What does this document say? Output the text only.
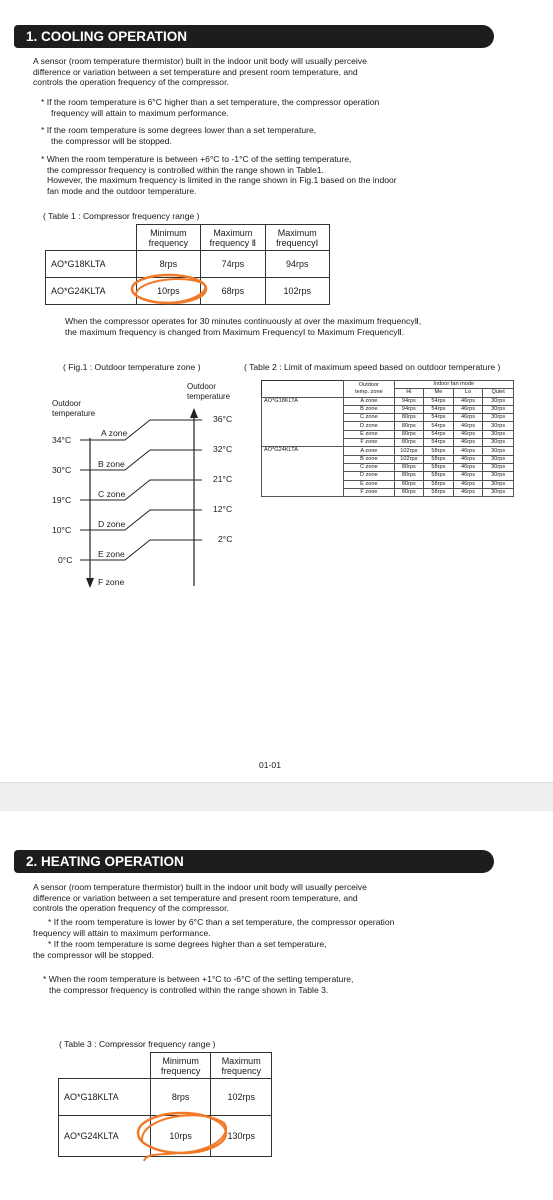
1. COOLING OPERATION
A sensor (room temperature thermistor) built in the indoor unit body will usually perceive
difference or variation between a set temperature and present room temperature, and
controls the operation frequency of the compressor.
* If the room temperature is 6°C higher than a set temperature, the compressor operation
frequency will attain to maximum performance.
* If the room temperature is some degrees lower than a set temperature,
the compressor will be stopped.
* When the room temperature is between +6°C to -1°C of the setting temperature,
the compressor frequency is controlled within the range shown in Table1.
However, the maximum frequency is limited in the range shown in Fig.1 based on the indoor
fan mode and the outdoor temperature.
( Table 1 : Compressor frequency range )
	Minimum frequency	Maximum frequency Ⅱ	Maximum frequencyⅠ
AO*G18KLTA	8rps	74rps	94rps
AO*G24KLTA	10rps	68rps	102rps
When the compressor operates for 30 minutes continuously at over the maximum frequencyⅡ,
the maximum frequency is changed from Maximum FrequencyⅠ to Maximum FrequencyⅡ.
( Fig.1 : Outdoor temperature zone )	( Table 2 : Limit of maximum speed based on outdoor temperature )
Outdoor
temperature
Outdoor
temperature
34°C
30°C
19°C
10°C
0°C
A zone
B zone
C zone
D zone
E zone
F zone
36°C
32°C
21°C
12°C
2°C

	Outdoor
temp. zone	Indoor fan mode			
		Hi	Me	Lo	Quiet
AO*G18KLTA	A zone	94rps	54rps	46rps	30rps
	B zone	94rps	54rps	46rps	30rps
	C zone	80rps	54rps	46rps	30rps
	D zone	80rps	54rps	46rps	30rps
	E zone	80rps	54rps	46rps	30rps
	F zone	80rps	54rps	46rps	30rps
AO*G24KLTA	A zone	102rps	58rps	46rps	30rps
	B zone	102rps	58rps	46rps	30rps
	C zone	80rps	58rps	46rps	30rps
	D zone	80rps	58rps	46rps	30rps
	E zone	80rps	58rps	46rps	30rps
	F zone	80rps	58rps	46rps	30rps
01-01
2. HEATING OPERATION
A sensor (room temperature thermistor) built in the indoor unit body will usually perceive
difference or variation between a set temperature and present room temperature, and
controls the operation frequency of the compressor.
* If the room temperature is lower by 6°C than a set temperature, the compressor operation
frequency will attain to maximum performance.
* If the room temperature is some degrees higher than a set temperature,
the compressor will be stopped.
* When the room temperature is between +1°C to -6°C of the setting temperature,
the compressor frequency is controlled within the range shown in Table 3.
( Table 3 : Compressor frequency range )
	Minimum frequency	Maximum frequency
AO*G18KLTA	8rps	102rps
AO*G24KLTA	10rps	130rps
